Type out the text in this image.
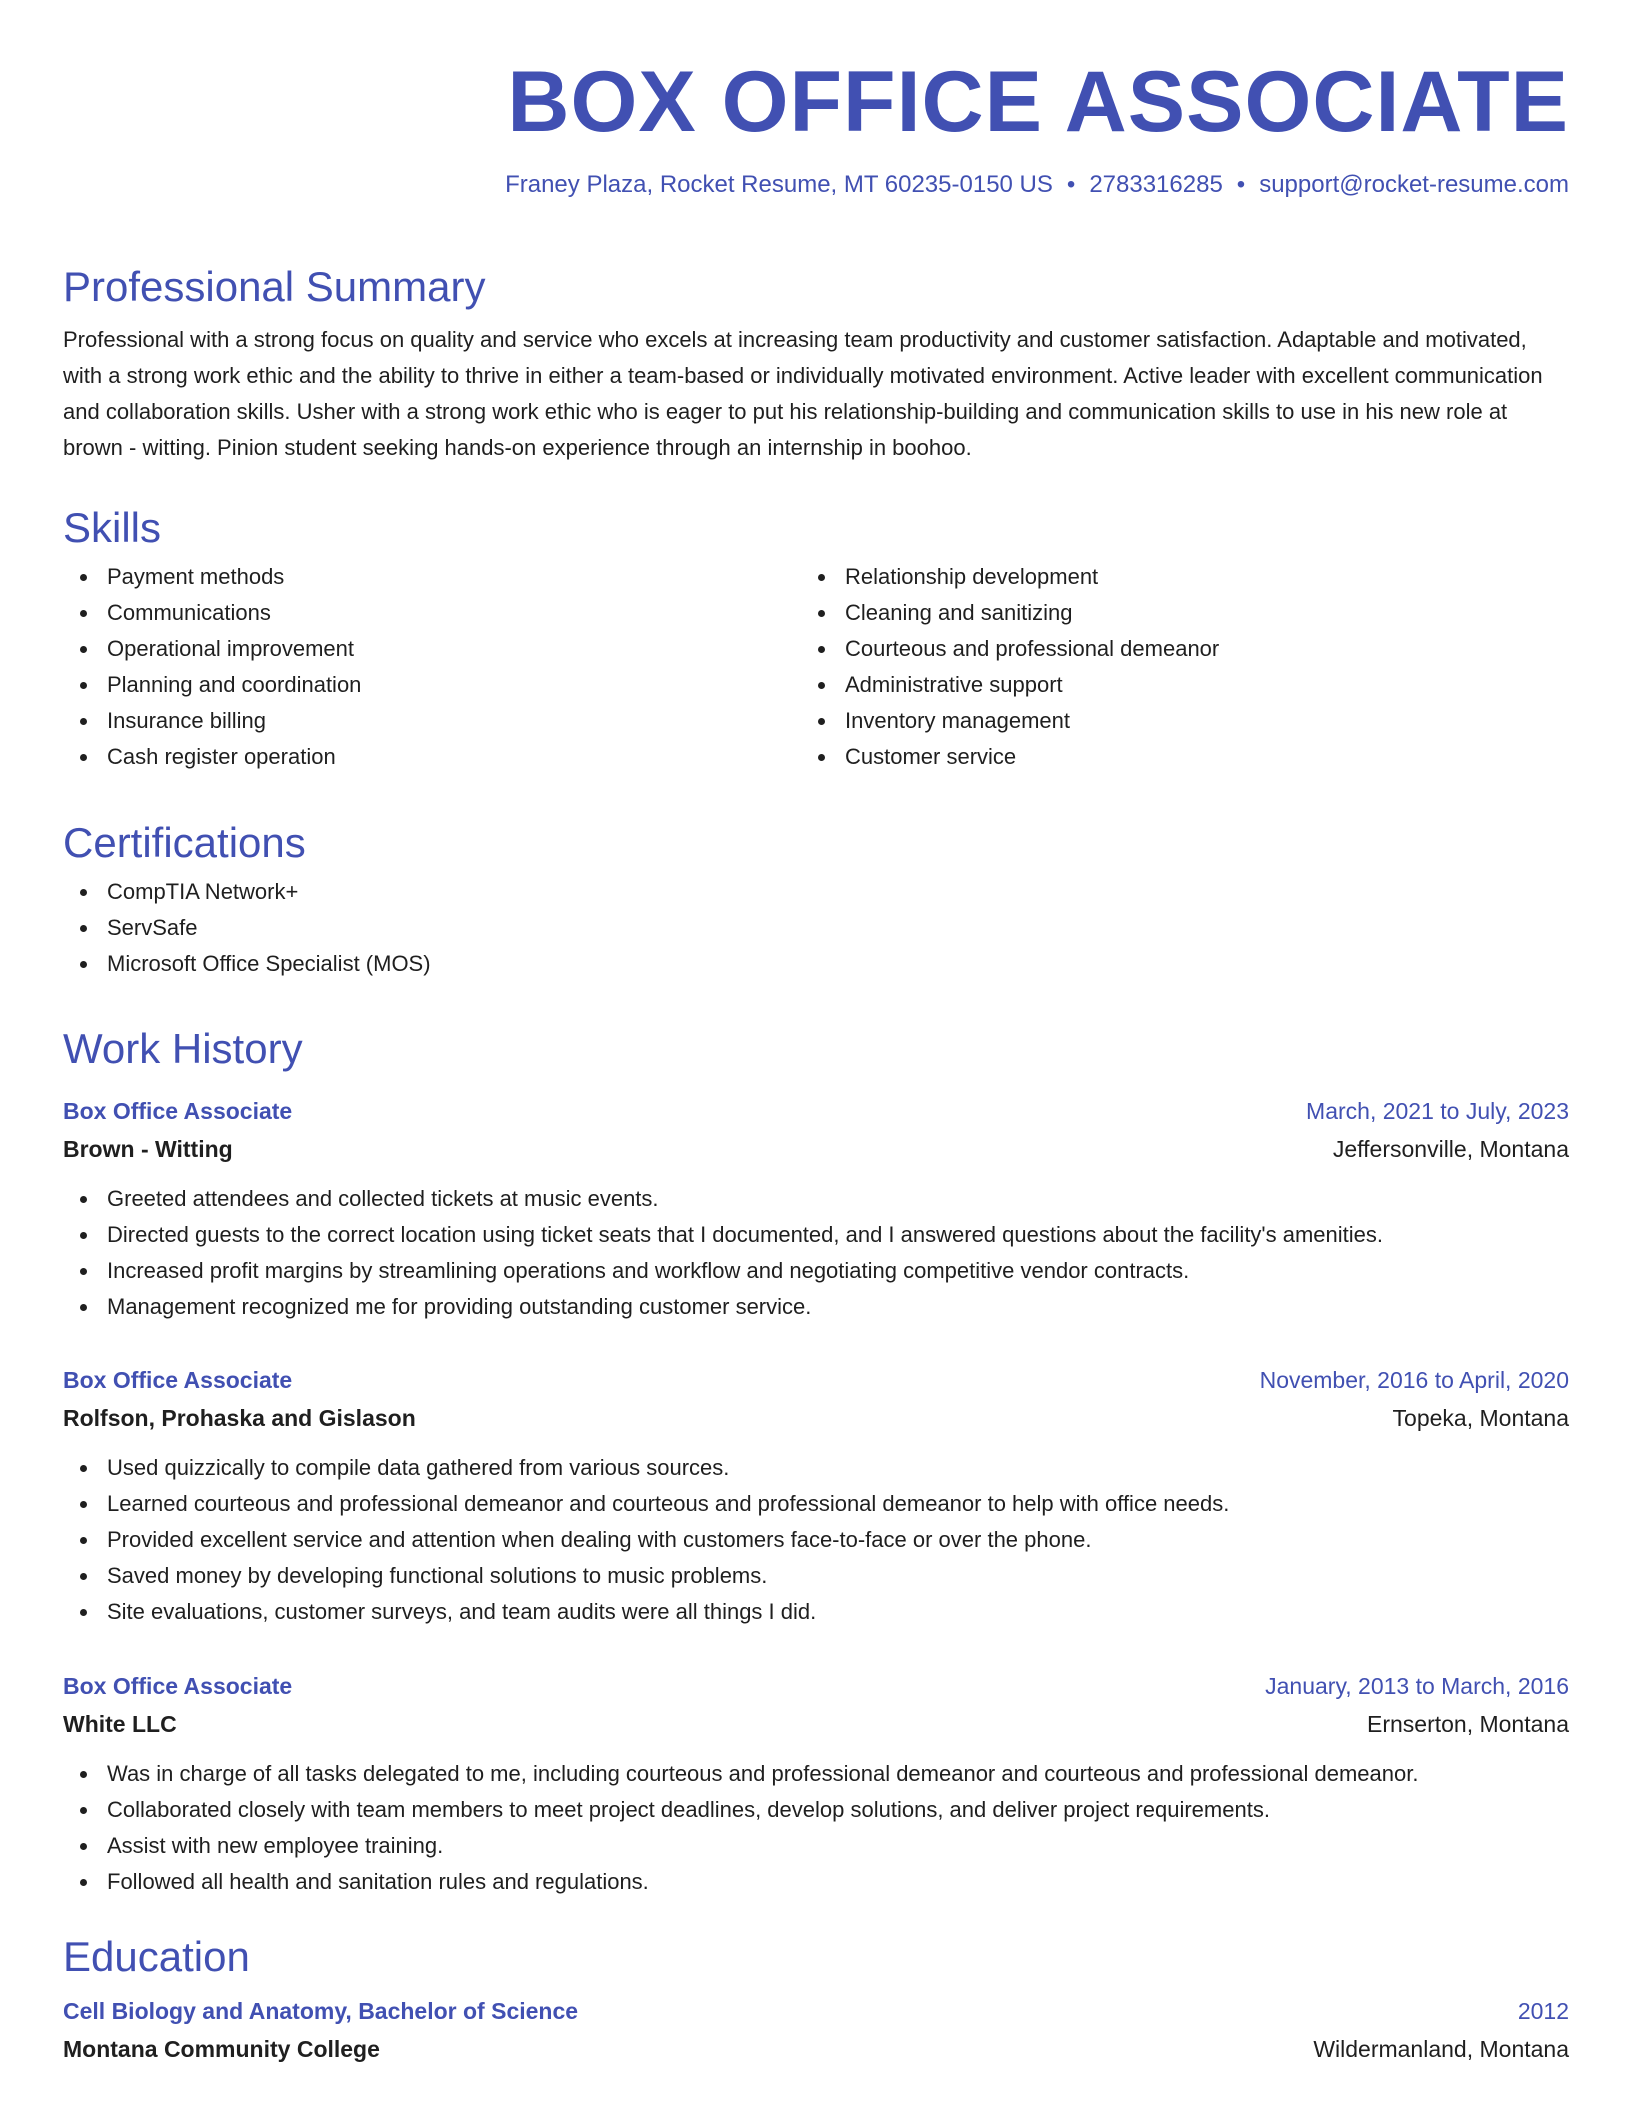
BOX OFFICE ASSOCIATE
Franey Plaza, Rocket Resume, MT 60235-0150 US • 2783316285 • support@rocket-resume.com
Professional Summary

Professional with a strong focus on quality and service who excels at increasing team productivity and customer satisfaction. Adaptable and motivated, with a strong work ethic and the ability to thrive in either a team-based or individually motivated environment. Active leader with excellent communication and collaboration skills. Usher with a strong work ethic who is eager to put his relationship-building and communication skills to use in his new role at brown - witting. Pinion student seeking hands-on experience through an internship in boohoo.

Skills
Payment methods
Communications
Operational improvement
Planning and coordination
Insurance billing
Cash register operation
Relationship development
Cleaning and sanitizing
Courteous and professional demeanor
Administrative support
Inventory management
Customer service
Certifications
CompTIA Network+
ServSafe
Microsoft Office Specialist (MOS)
Work History
Box Office Associate	March, 2021 to July, 2023
Brown - Witting	Jeffersonville, Montana
Greeted attendees and collected tickets at music events.
Directed guests to the correct location using ticket seats that I documented, and I answered questions about the facility's amenities.
Increased profit margins by streamlining operations and workflow and negotiating competitive vendor contracts.
Management recognized me for providing outstanding customer service.
Box Office Associate	November, 2016 to April, 2020
Rolfson, Prohaska and Gislason	Topeka, Montana
Used quizzically to compile data gathered from various sources.
Learned courteous and professional demeanor and courteous and professional demeanor to help with office needs.
Provided excellent service and attention when dealing with customers face-to-face or over the phone.
Saved money by developing functional solutions to music problems.
Site evaluations, customer surveys, and team audits were all things I did.
Box Office Associate	January, 2013 to March, 2016
White LLC	Ernserton, Montana
Was in charge of all tasks delegated to me, including courteous and professional demeanor and courteous and professional demeanor.
Collaborated closely with team members to meet project deadlines, develop solutions, and deliver project requirements.
Assist with new employee training.
Followed all health and sanitation rules and regulations.
Education
Cell Biology and Anatomy, Bachelor of Science	2012
Montana Community College	Wildermanland, Montana
